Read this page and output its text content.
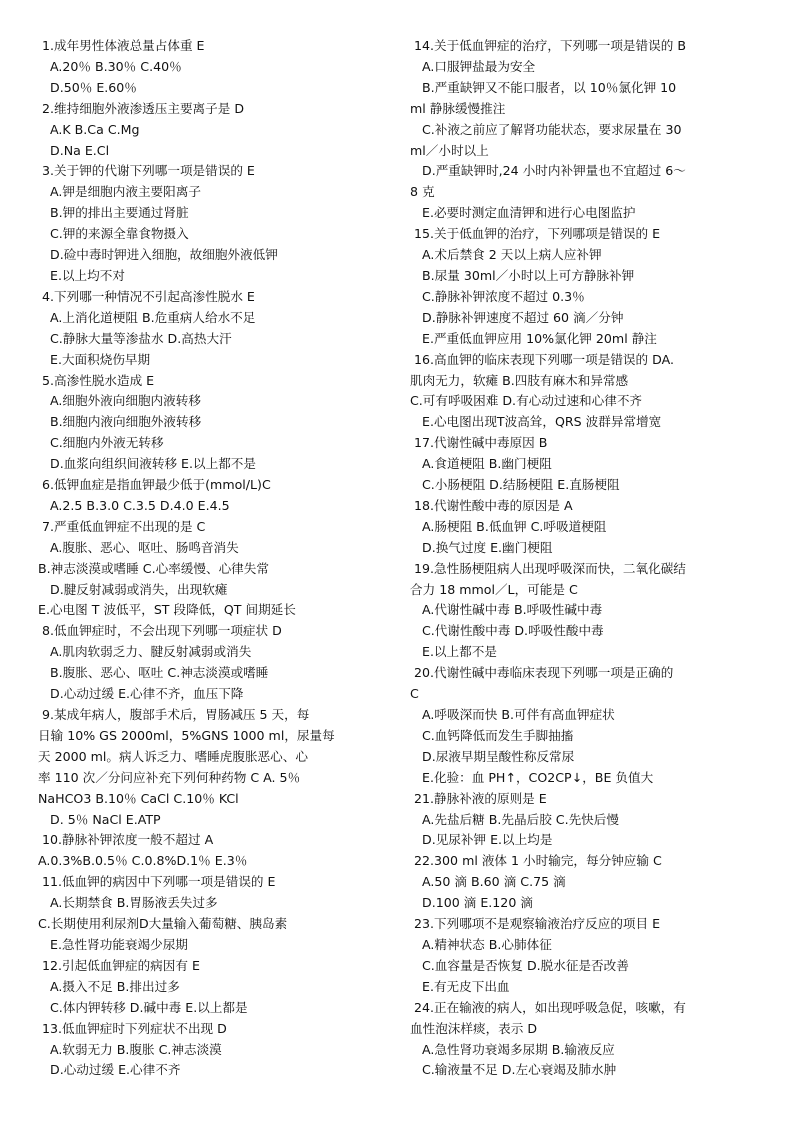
1.成年男性体液总量占体重 E
A.20％ B.30％ C.40％
D.50％ E.60％
2.维持细胞外液渗透压主要离子是 D
A.K B.Ca C.Mg
D.Na E.Cl
3.关于钾的代谢下列哪一项是错误的 E
A.钾是细胞内液主要阳离子
B.钾的排出主要通过肾脏
C.钾的来源全靠食物摄入
D.硷中毒时钾进入细胞，故细胞外液低钾
E.以上均不对
4.下列哪一种情况不引起高渗性脱水 E
A.上消化道梗阻 B.危重病人给水不足
C.静脉大量等渗盐水 D.高热大汗
E.大面积烧伤早期
5.高渗性脱水造成 E
A.细胞外液向细胞内液转移
B.细胞内液向细胞外液转移
C.细胞内外液无转移
D.血浆向组织间液转移 E.以上都不是
6.低钾血症是指血钾最少低于(mmol/L)C
A.2.5 B.3.0 C.3.5 D.4.0 E.4.5
7.严重低血钾症不出现的是 C
A.腹胀、恶心、呕吐、肠鸣音消失
B.神志淡漠或嗜睡 C.心率缓慢、心律失常
D.腱反射减弱或消失，出现软瘫
E.心电图 T 波低平，ST 段降低，QT 间期延长
8.低血钾症时，不会出现下列哪一项症状 D
A.肌肉软弱乏力、腱反射减弱或消失
B.腹胀、恶心、呕吐 C.神志淡漠或嗜睡
D.心动过缓 E.心律不齐，血压下降
9.某成年病人，腹部手术后，胃肠减压 5 天，每
日输 10% GS 2000ml，5%GNS 1000 ml，尿量每
天 2000 ml。病人诉乏力、嗜睡虎腹胀恶心、心
率 110 次／分问应补充下列何种药物 C A. 5％
NaHCO3 B.10％ CaCl C.10％ KCl
D. 5％ NaCl E.ATP
10.静脉补钾浓度一般不超过 A
A.0.3%B.0.5％ C.0.8%D.1％ E.3％
11.低血钾的病因中下列哪一项是错误的 E
A.长期禁食 B.胃肠液丢失过多
C.长期使用利尿剂D大量输入葡萄糖、胰岛素
E.急性肾功能衰竭少尿期
12.引起低血钾症的病因有 E
A.摄入不足 B.排出过多
C.体内钾转移 D.碱中毒 E.以上都是
13.低血钾症时下列症状不出现 D
A.软弱无力 B.腹胀 C.神志淡漠
D.心动过缓 E.心律不齐
14.关于低血钾症的治疗，下列哪一项是错误的 B
A.口服钾盐最为安全
B.严重缺钾又不能口服者，以 10％氯化钾 10
ml 静脉缓慢推注
C.补液之前应了解肾功能状态，要求尿量在 30
ml／小时以上
D.严重缺钾时,24 小时内补钾量也不宜超过 6～
8 克
E.必要时测定血清钾和进行心电图监护
15.关于低血钾的治疗，下列哪项是错误的 E
A.术后禁食 2 天以上病人应补钾
B.尿量 30ml／小时以上可方静脉补钾
C.静脉补钾浓度不超过 0.3％
D.静脉补钾速度不超过 60 滴／分钟
E.严重低血钾应用 10%氯化钾 20ml 静注
16.高血钾的临床表现下列哪一项是错误的 DA.
肌肉无力，软瘫 B.四肢有麻木和异常感
C.可有呼吸困难 D.有心动过速和心律不齐
E.心电图出现T波高耸，QRS 波群异常增宽
17.代谢性碱中毒原因 B
A.食道梗阻 B.幽门梗阻
C.小肠梗阻 D.结肠梗阻 E.直肠梗阻
18.代谢性酸中毒的原因是 A
A.肠梗阻 B.低血钾 C.呼吸道梗阻
D.换气过度 E.幽门梗阻
19.急性肠梗阻病人出现呼吸深而快，二氧化碳结
合力 18 mmol／L，可能是 C
A.代谢性碱中毒 B.呼吸性碱中毒
C.代谢性酸中毒 D.呼吸性酸中毒
E.以上都不是
20.代谢性碱中毒临床表现下列哪一项是正确的
C
A.呼吸深而快 B.可伴有高血钾症状
C.血钙降低而发生手脚抽搐
D.尿液早期呈酸性称反常尿
E.化验：血 PH↑，CO2CP↓，BE 负值大
21.静脉补液的原则是 E
A.先盐后糖 B.先晶后胶 C.先快后慢
D.见尿补钾 E.以上均是
22.300 ml 液体 1 小时输完，每分钟应输 C
A.50 滴 B.60 滴 C.75 滴
D.100 滴 E.120 滴
23.下列哪项不是观察输液治疗反应的项目 E
A.精神状态 B.心肺体征
C.血容量是否恢复 D.脱水征是否改善
E.有无皮下出血
24.正在输液的病人，如出现呼吸急促，咳嗽，有
血性泡沫样痰，表示 D
A.急性肾功衰竭多尿期 B.输液反应
C.输液量不足 D.左心衰竭及肺水肿
